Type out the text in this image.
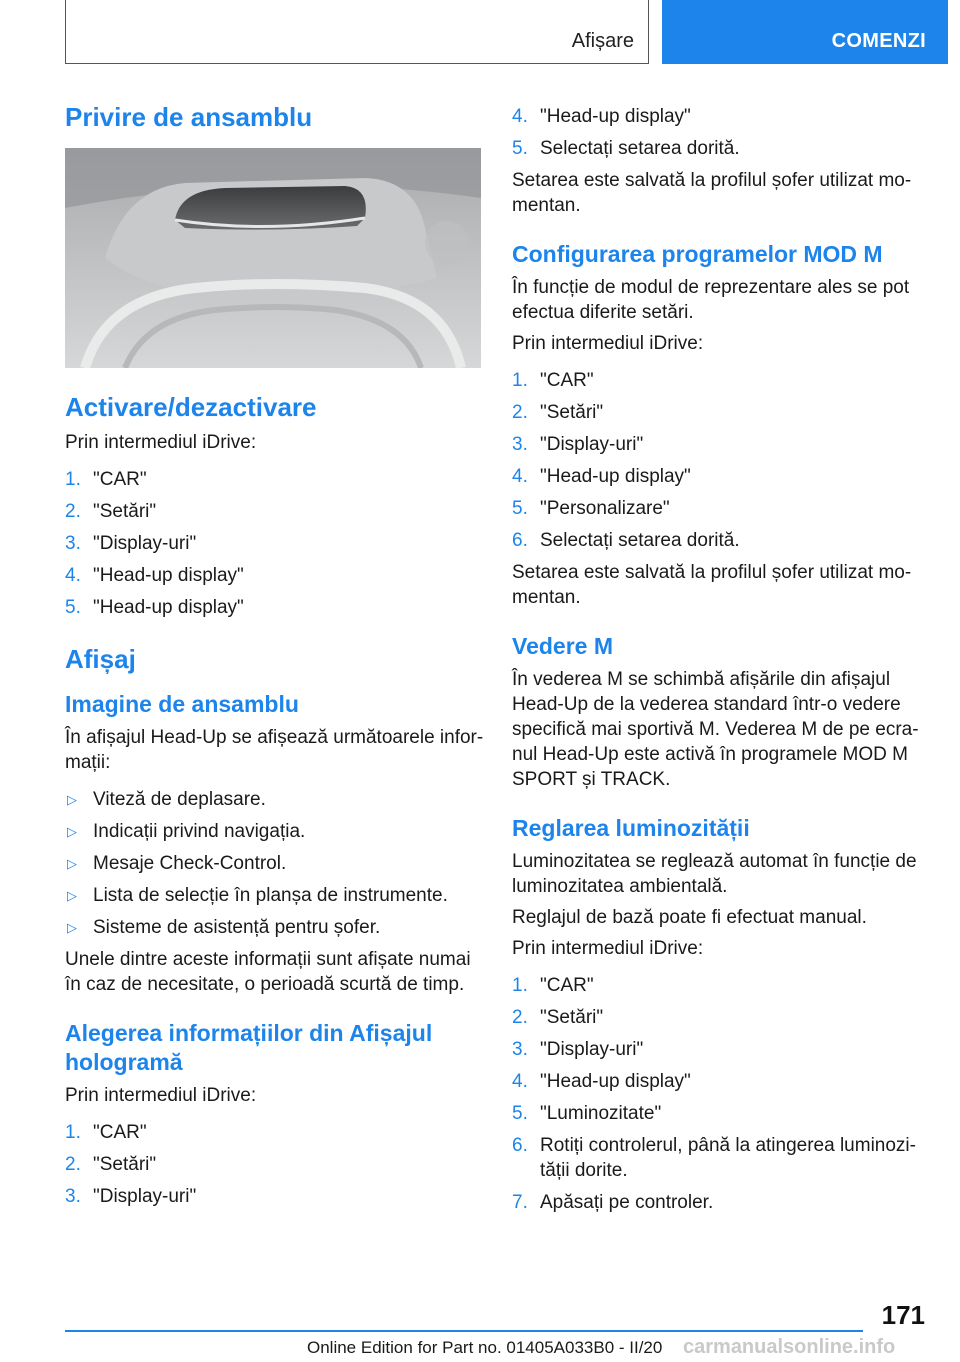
Afișare	COMENZI
Privire de ansamblu
Activare/dezactivare

Prin intermediul iDrive:

1. "CAR"
2. "Setări"
3. "Display-uri"
4. "Head-up display"
5. "Head-up display"
Afișaj
Imagine de ansamblu

În afișajul Head-Up se afișează următoarele infor-mații:

▷ Viteză de deplasare.
▷ Indicații privind navigația.
▷ Mesaje Check-Control.
▷ Lista de selecție în planșa de instrumente.
▷ Sisteme de asistență pentru șofer.

Unele dintre aceste informații sunt afișate numai în caz de necesitate, o perioadă scurtă de timp.

Alegerea informațiilor din Afișajul hologramă

Prin intermediul iDrive:

1. "CAR"
2. "Setări"
3. "Display-uri"
4. "Head-up display"
5. Selectați setarea dorită.

Setarea este salvată la profilul șofer utilizat mo-mentan.

Configurarea programelor MOD M

În funcție de modul de reprezentare ales se pot efectua diferite setări.

Prin intermediul iDrive:

1. "CAR"
2. "Setări"
3. "Display-uri"
4. "Head-up display"
5. "Personalizare"
6. Selectați setarea dorită.

Setarea este salvată la profilul șofer utilizat mo-mentan.

Vedere M

În vederea M se schimbă afișările din afișajul Head-Up de la vederea standard într-o vedere specifică mai sportivă M. Vederea M de pe ecra-nul Head-Up este activă în programele MOD M SPORT și TRACK.

Reglarea luminozității

Luminozitatea se reglează automat în funcție de luminozitatea ambientală.

Reglajul de bază poate fi efectuat manual.

Prin intermediul iDrive:

1. "CAR"
2. "Setări"
3. "Display-uri"
4. "Head-up display"
5. "Luminozitate"
6. Rotiți controlerul, până la atingerea luminozi-tății dorite.
7. Apăsați pe controler.
171
Online Edition for Part no. 01405A033B0 - II/20 carmanualsonline.info
